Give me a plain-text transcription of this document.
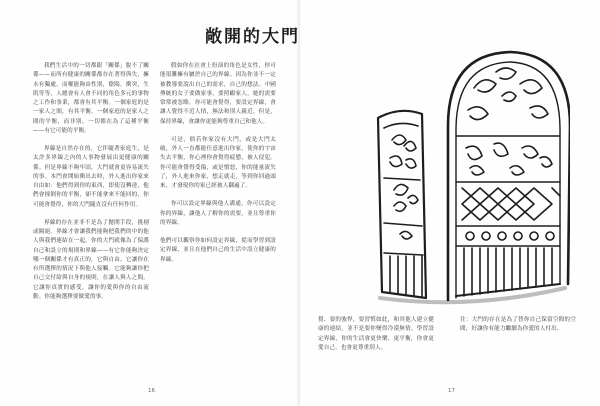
我們生活中的一切都跟「關係」脫不了關係——而所有健康的關係都存在著得與失，擁永有獨處，而權能夠由性別，陰陽，衝突，生肌等等，人總會有人會不同的角色多元的事物之工作和事業，都會有其平衡。一個家庭的是一家人之間，有其平衡。一個家庭的是家人之間的平衡，而非別，一切都在為了這種平衡——有它可能的平衡。

界線是自然存在的，它伴隨著家庭生，是太許多界線之內的人事物發展出更健康的關係。但是界線不夠牢固，大門就會更容易流失的事。本門會開始衝出去時，外人進出你家來自由如：他們得到你的東西，即使沒轉達，他們會撞倒你的平衡，卻不能拿來不能回的，你可能會覺得，你的大門隨直沒有任何作用。

界線的存在並非不是為了拋開手段，挑剔或隔絕。界線才會讓我們能夠把我們的中的他人與我們連結在一起。你的大門就像為了保護自己和設立的規則和界線——有它你能夠決定哪一個關係才有真正的，它與自由，它讓你在有所選擇的情況下與他人接觸。它能夠讓你把自己交付給與自身的規則，在讓人與人之間。它讓你真實的感受，讓你的愛與你的自由流動。你能夠選擇要做愛的事。

假如你在社會上扮演的角色是女性，你可能很難擁有屬於自己的界線。因為你並不一定被教導要說出自己的需求，自己的想法。中國傳統的女子要做家事，要照顧家人，她的需要常常被忽略。你可能會覺得，要設定界線，會讓人覺得不近人情，無法和別人親近。但是，保持界線，會讓你更能夠尊重自己和他人。

可是，倘若你家沒有大門，或是大門太破，外人一直都能任意進出你家，使你的宇宙失去平衡，你心裡你會覺得疲憊，被人侵犯。你可能會覺得受傷，或是憤怒，你的能量流失了，外人進來你家，想走就走，等到你回過頭來，才發現你的家已經被人翻遍了。

你可以設定界線與他人溝通，你可以設定你的界線，讓他人了解你的需要，並且尊重你的界線。

他們可以觀察你如何設定界線，從而學習到設定界線，並且在他們自己的生活中設立健康的界線。

16

覺、要的強悍，要習慣如此，和其他人建立健康的連結，並不是要你變得冷漠無情。學習設定界線，你的生活會更快樂、更平衡，你會更愛自己，也會更尊重別人。

住：大門的存在是為了替你自己保留空間的空間，好讓你有能力繼續為你愛的人付出。

17
敞開的大門
